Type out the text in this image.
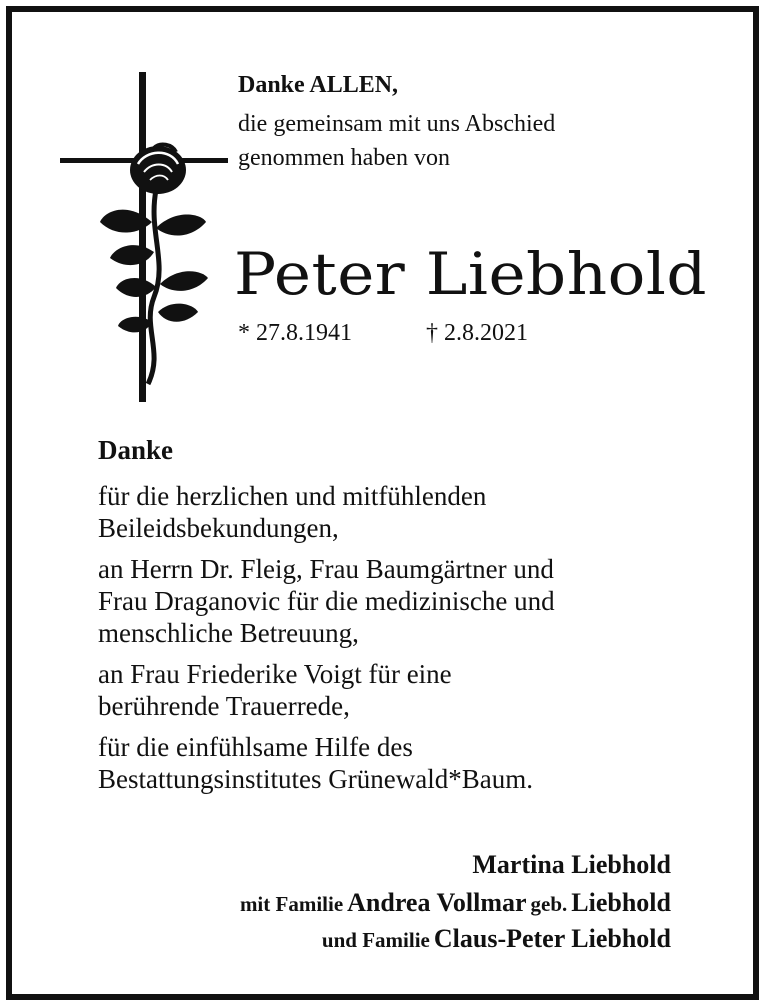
Danke ALLEN,
die gemeinsam mit uns Abschied
genommen haben von
Peter Liebhold
* 27.8.1941	† 2.8.2021
Danke

für die herzlichen und mitfühlenden
Beileidsbekundungen,

an Herrn Dr. Fleig, Frau Baumgärtner und
Frau Draganovic für die medizinische und
menschliche Betreuung,

an Frau Friederike Voigt für eine
berührende Trauerrede,

für die einfühlsame Hilfe des
Bestattungsinstitutes Grünewald*Baum.

Martina Liebhold
mit Familie Andrea Vollmar geb. Liebhold
und Familie Claus-Peter Liebhold
